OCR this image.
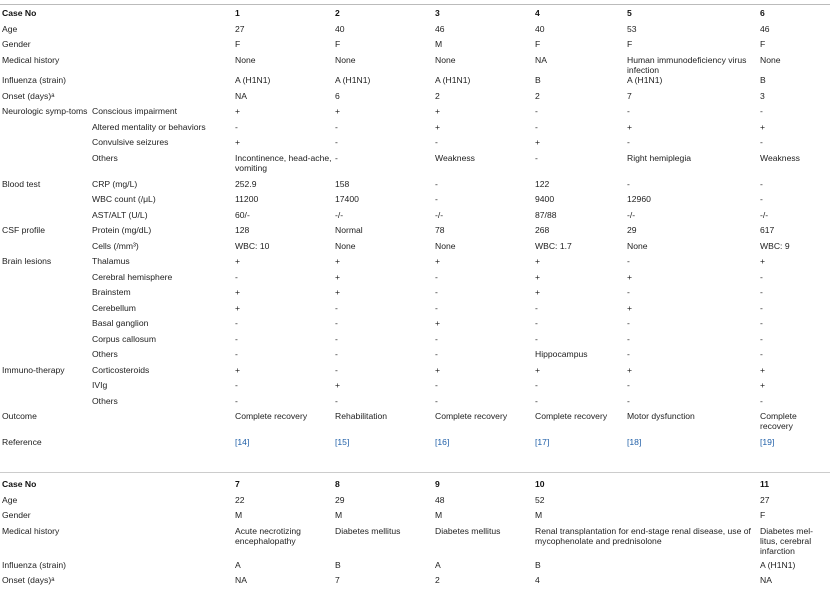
Case No		1	2	3	4	5	6
Age		27	40	46	40	53	46
Gender		F	F	M	F	F	F
Medical history		None	None	None	NA	Human immunodeficiency virus infection	None
Influenza (strain)		A (H1N1)	A (H1N1)	A (H1N1)	B	A (H1N1)	B
Onset (days)ᵃ		NA	6	2	2	7	3
Neurologic symp-toms	Conscious impairment	+	+	+	-	-	-
	Altered mentality or behaviors	-	-	+	-	+	+
	Convulsive seizures	+	-	-	+	-	-
	Others	Incontinence, head-ache, vomiting	-	Weakness	-	Right hemiplegia	Weakness
Blood test	CRP (mg/L)	252.9	158	-	122	-	-
	WBC count (/μL)	11200	17400	-	9400	12960	-
	AST/ALT (U/L)	60/-	-/-	-/-	87/88	-/-	-/-
CSF profile	Protein (mg/dL)	128	Normal	78	268	29	617
	Cells (/mm³)	WBC: 10	None	None	WBC: 1.7	None	WBC: 9
Brain lesions	Thalamus	+	+	+	+	-	+
	Cerebral hemisphere	-	+	-	+	+	-
	Brainstem	+	+	-	+	-	-
	Cerebellum	+	-	-	-	+	-
	Basal ganglion	-	-	+	-	-	-
	Corpus callosum	-	-	-	-	-	-
	Others	-	-	-	Hippocampus	-	-
Immuno-therapy	Corticosteroids	+	-	+	+	+	+
	IVIg	-	+	-	-	-	+
	Others	-	-	-	-	-	-
Outcome		Complete recovery	Rehabilitation	Complete recovery	Complete recovery	Motor dysfunction	Complete recovery
Reference		[14]	[15]	[16]	[17]	[18]	[19]
Case No		7	8	9	10		11
Age		22	29	48	52		27
Gender		M	M	M	M		F
Medical history		Acute necrotizing encephalopathy	Diabetes mellitus	Diabetes mellitus	Renal transplantation for end-stage renal disease, use of mycophenolate and prednisolone		Diabetes mel-litus, cerebral infarction
Influenza (strain)		A	B	A	B		A (H1N1)
Onset (days)ᵃ		NA	7	2	4		NA
